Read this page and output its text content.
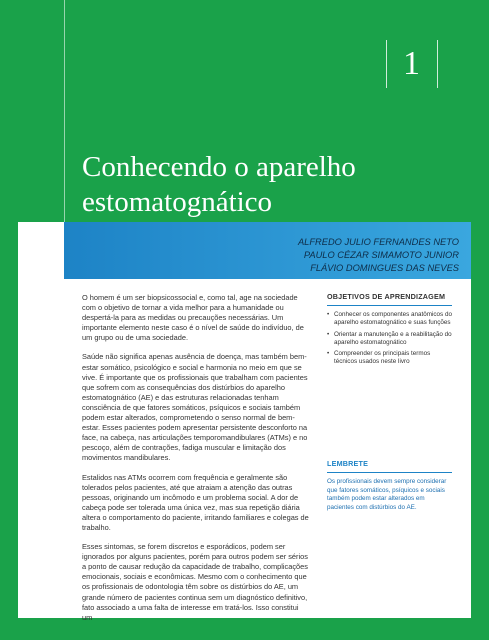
1
Conhecendo o aparelho
estomatognático
ALFREDO JULIO FERNANDES NETO
PAULO CÉZAR SIMAMOTO JUNIOR
FLÁVIO DOMINGUES DAS NEVES

O homem é um ser biopsicossocial e, como tal, age na sociedade com o objetivo de tornar a vida melhor para a humanidade ou despertá-la para as medidas ou precauções necessárias. Um importante elemento neste caso é o nível de saúde do indivíduo, de um grupo ou de uma sociedade.

Saúde não significa apenas ausência de doença, mas também bem-estar somático, psicológico e social e harmonia no meio em que se vive. É importante que os profissionais que trabalham com pacientes que sofrem com as consequências dos distúrbios do aparelho estomatognático (AE) e das estruturas relacionadas tenham consciência de que fatores somáticos, psíquicos e sociais também podem estar alterados, comprometendo o senso normal de bem-estar. Esses pacientes podem apresentar persistente desconforto na face, na cabeça, nas articulações temporomandibulares (ATMs) e no pescoço, além de contrações, fadiga muscular e limitação dos movimentos mandibulares.

Estalidos nas ATMs ocorrem com frequência e geralmente são tolerados pelos pacientes, até que atraiam a atenção das outras pessoas, originando um incômodo e um problema social. A dor de cabeça pode ser tolerada uma única vez, mas sua repetição diária altera o comportamento do paciente, irritando familiares e colegas de trabalho.

Esses sintomas, se forem discretos e esporádicos, podem ser ignorados por alguns pacientes, porém para outros podem ser sérios a ponto de causar redução da capacidade de trabalho, complicações emocionais, sociais e econômicas. Mesmo com o conhecimento que os profissionais de odontologia têm sobre os distúrbios do AE, um grande número de pacientes continua sem um diagnóstico definitivo, fato associado a uma falta de interesse em tratá-los. Isso constitui um

OBJETIVOS DE APRENDIZAGEM
• Conhecer os componentes anatômicos do aparelho estomatognático e suas funções
• Orientar a manutenção e a reabilitação do aparelho estomatognático
• Compreender os principais termos técnicos usados neste livro
LEMBRETE
Os profissionais devem sempre considerar que fatores somáticos, psíquicos e sociais também podem estar alterados em pacientes com distúrbios do AE.
